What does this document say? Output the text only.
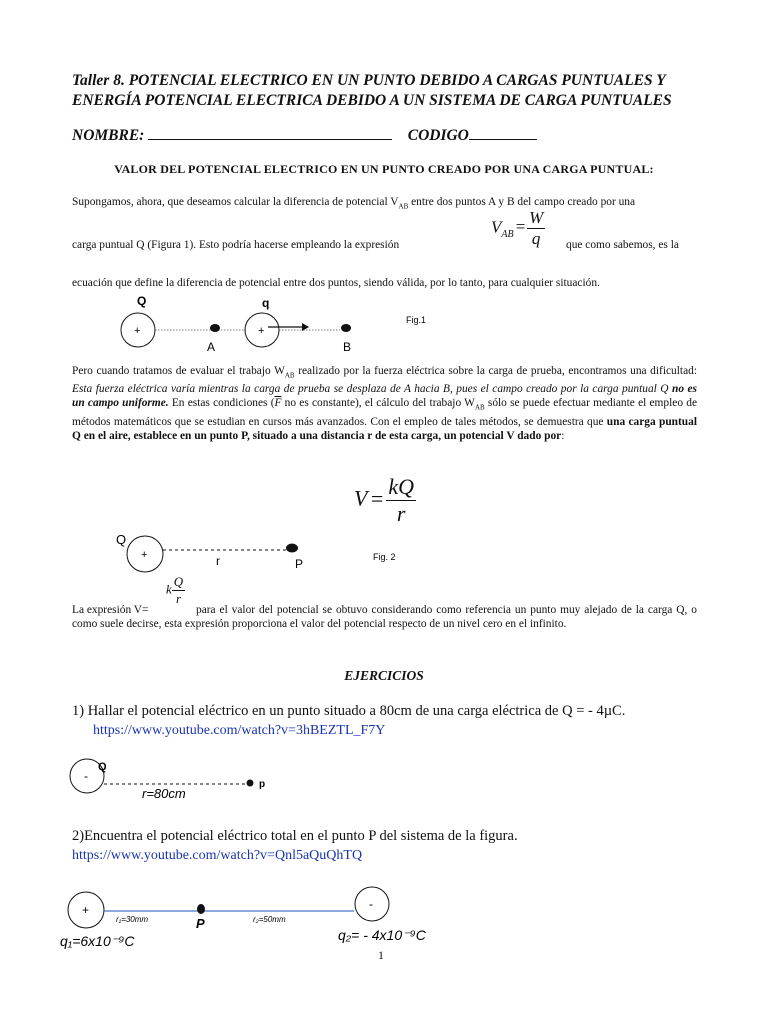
Taller 8. POTENCIAL ELECTRICO EN UN PUNTO DEBIDO A CARGAS PUNTUALES Y ENERGÍA POTENCIAL ELECTRICA DEBIDO A UN SISTEMA DE CARGA PUNTUALES
NOMBRE:	CODIGO
VALOR DEL POTENCIAL ELECTRICO EN UN PUNTO CREADO POR UNA CARGA PUNTUAL:
Supongamos, ahora, que deseamos calcular la diferencia de potencial $V_{AB}$ entre dos puntos A y B del campo creado por una
$V_{AB}= \frac{W}{q}$
carga puntual Q (Figura 1). Esto podría hacerse empleando la expresión	que como sabemos, es la
ecuación que define la diferencia de potencial entre dos puntos, siendo válida, por lo tanto, para cualquier situación.
Q	q
+	+
A	B
Fig.1
Pero cuando tratamos de evaluar el trabajo $W_{AB}$ realizado por la fuerza eléctrica sobre la carga de prueba, encontramos una dificultad: Esta fuerza eléctrica varía mientras la carga de prueba se desplaza de A hacia B, pues el campo creado por la carga puntual Q no es un campo uniforme. En estas condiciones ($\overline{F}$ no es constante), el cálculo del trabajo $W_{AB}$ sólo se puede efectuar mediante el empleo de métodos matemáticos que se estudian en cursos más avanzados. Con el empleo de tales métodos, se demuestra que una carga puntual Q en el aire, establece en un punto P, situado a una distancia r de esta carga, un potencial V dado por:
$V= \frac{kQ}{r}$
Q
+	r	P	Fig. 2
La expresión V=
k $\frac{Q}{r}$
para el valor del potencial se obtuvo considerando como referencia un punto muy alejado de la carga Q, o como suele decirse, esta expresión proporciona el valor del potencial respecto de un nivel cero en el infinito.
EJERCICIOS
1) Hallar el potencial eléctrico en un punto situado a 80cm de una carga eléctrica de Q = - 4µC.
https://www.youtube.com/watch?v=3hBEZTL_F7Y
-
Q
p
r=80cm
2)Encuentra el potencial eléctrico total en el punto P del sistema de la figura.
https://www.youtube.com/watch?v=Qnl5aQuQhTQ
+	-
r₁=30mm	r₂=50mm
P
q₁=6x10⁻⁹C	q₂= - 4x10⁻⁹C
1
